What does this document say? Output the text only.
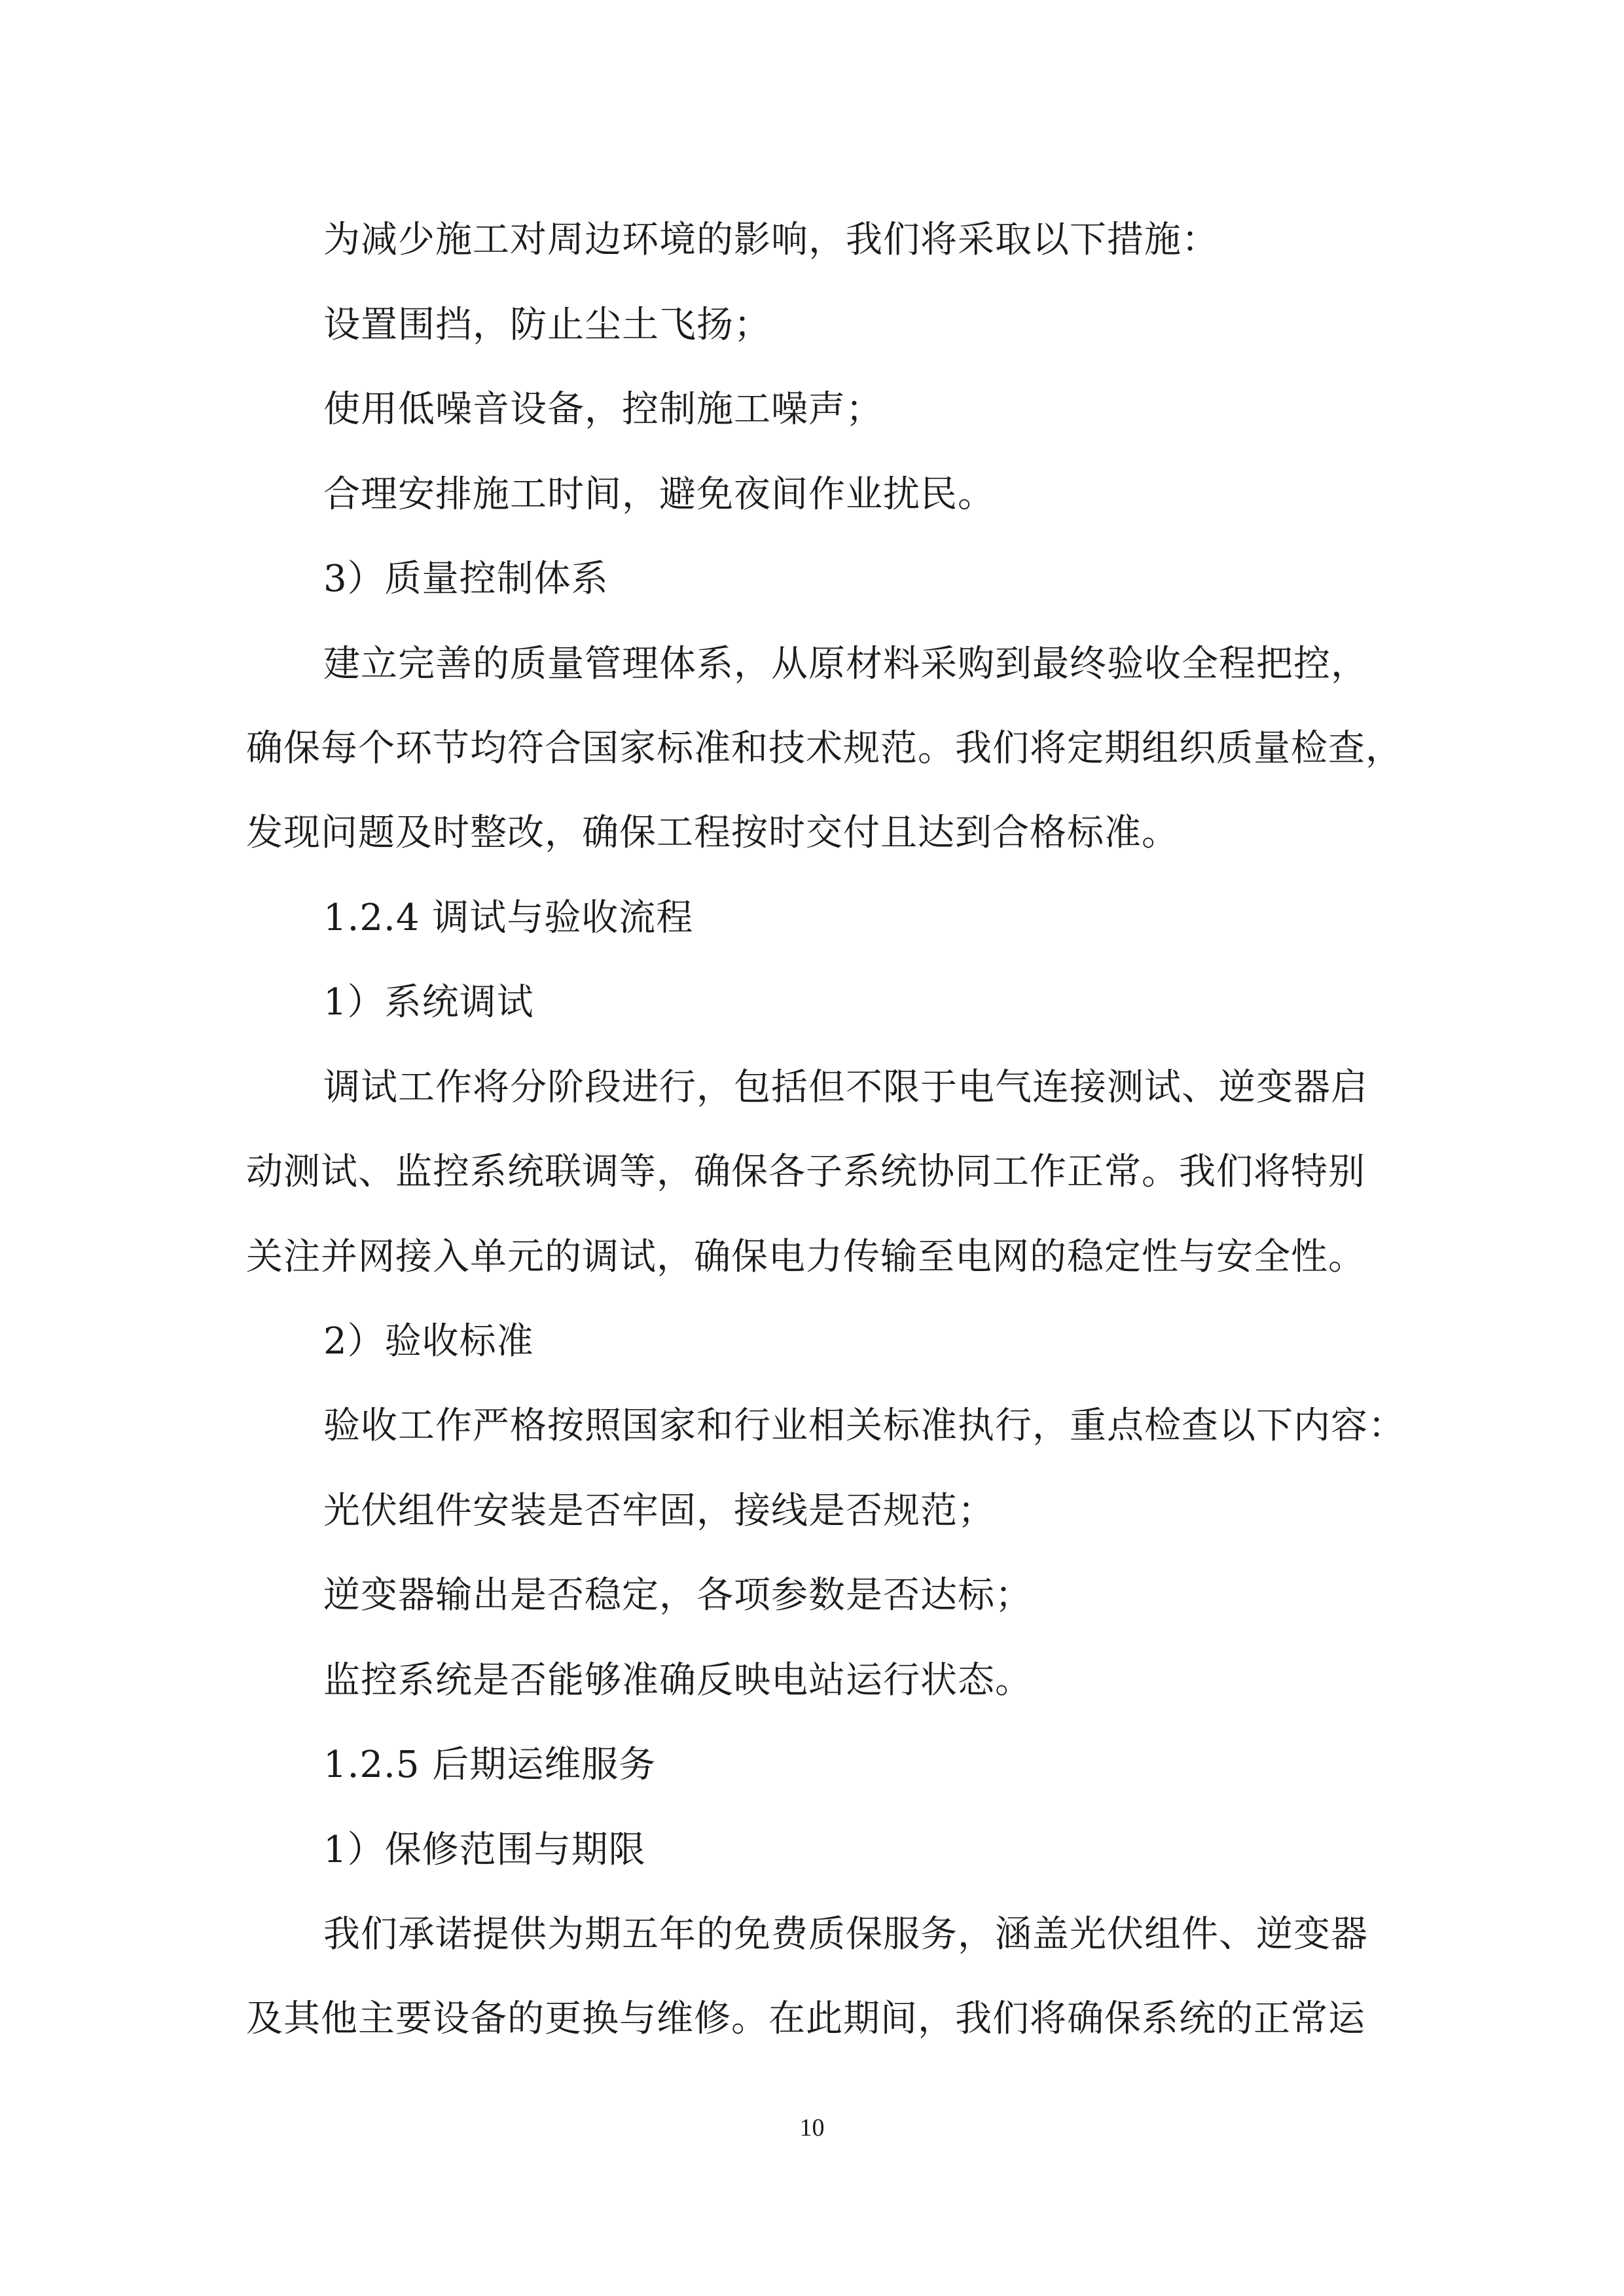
为减少施工对周边环境的影响，我们将采取以下措施：
设置围挡，防止尘土飞扬；
使用低噪音设备，控制施工噪声；
合理安排施工时间，避免夜间作业扰民。
3）质量控制体系
建立完善的质量管理体系，从原材料采购到最终验收全程把控，
确保每个环节均符合国家标准和技术规范。我们将定期组织质量检查，
发现问题及时整改，确保工程按时交付且达到合格标准。
1.2.4 调试与验收流程
1）系统调试
调试工作将分阶段进行，包括但不限于电气连接测试、逆变器启
动测试、监控系统联调等，确保各子系统协同工作正常。我们将特别
关注并网接入单元的调试，确保电力传输至电网的稳定性与安全性。
2）验收标准
验收工作严格按照国家和行业相关标准执行，重点检查以下内容：
光伏组件安装是否牢固，接线是否规范；
逆变器输出是否稳定，各项参数是否达标；
监控系统是否能够准确反映电站运行状态。
1.2.5 后期运维服务
1）保修范围与期限
我们承诺提供为期五年的免费质保服务，涵盖光伏组件、逆变器
及其他主要设备的更换与维修。在此期间，我们将确保系统的正常运
10
